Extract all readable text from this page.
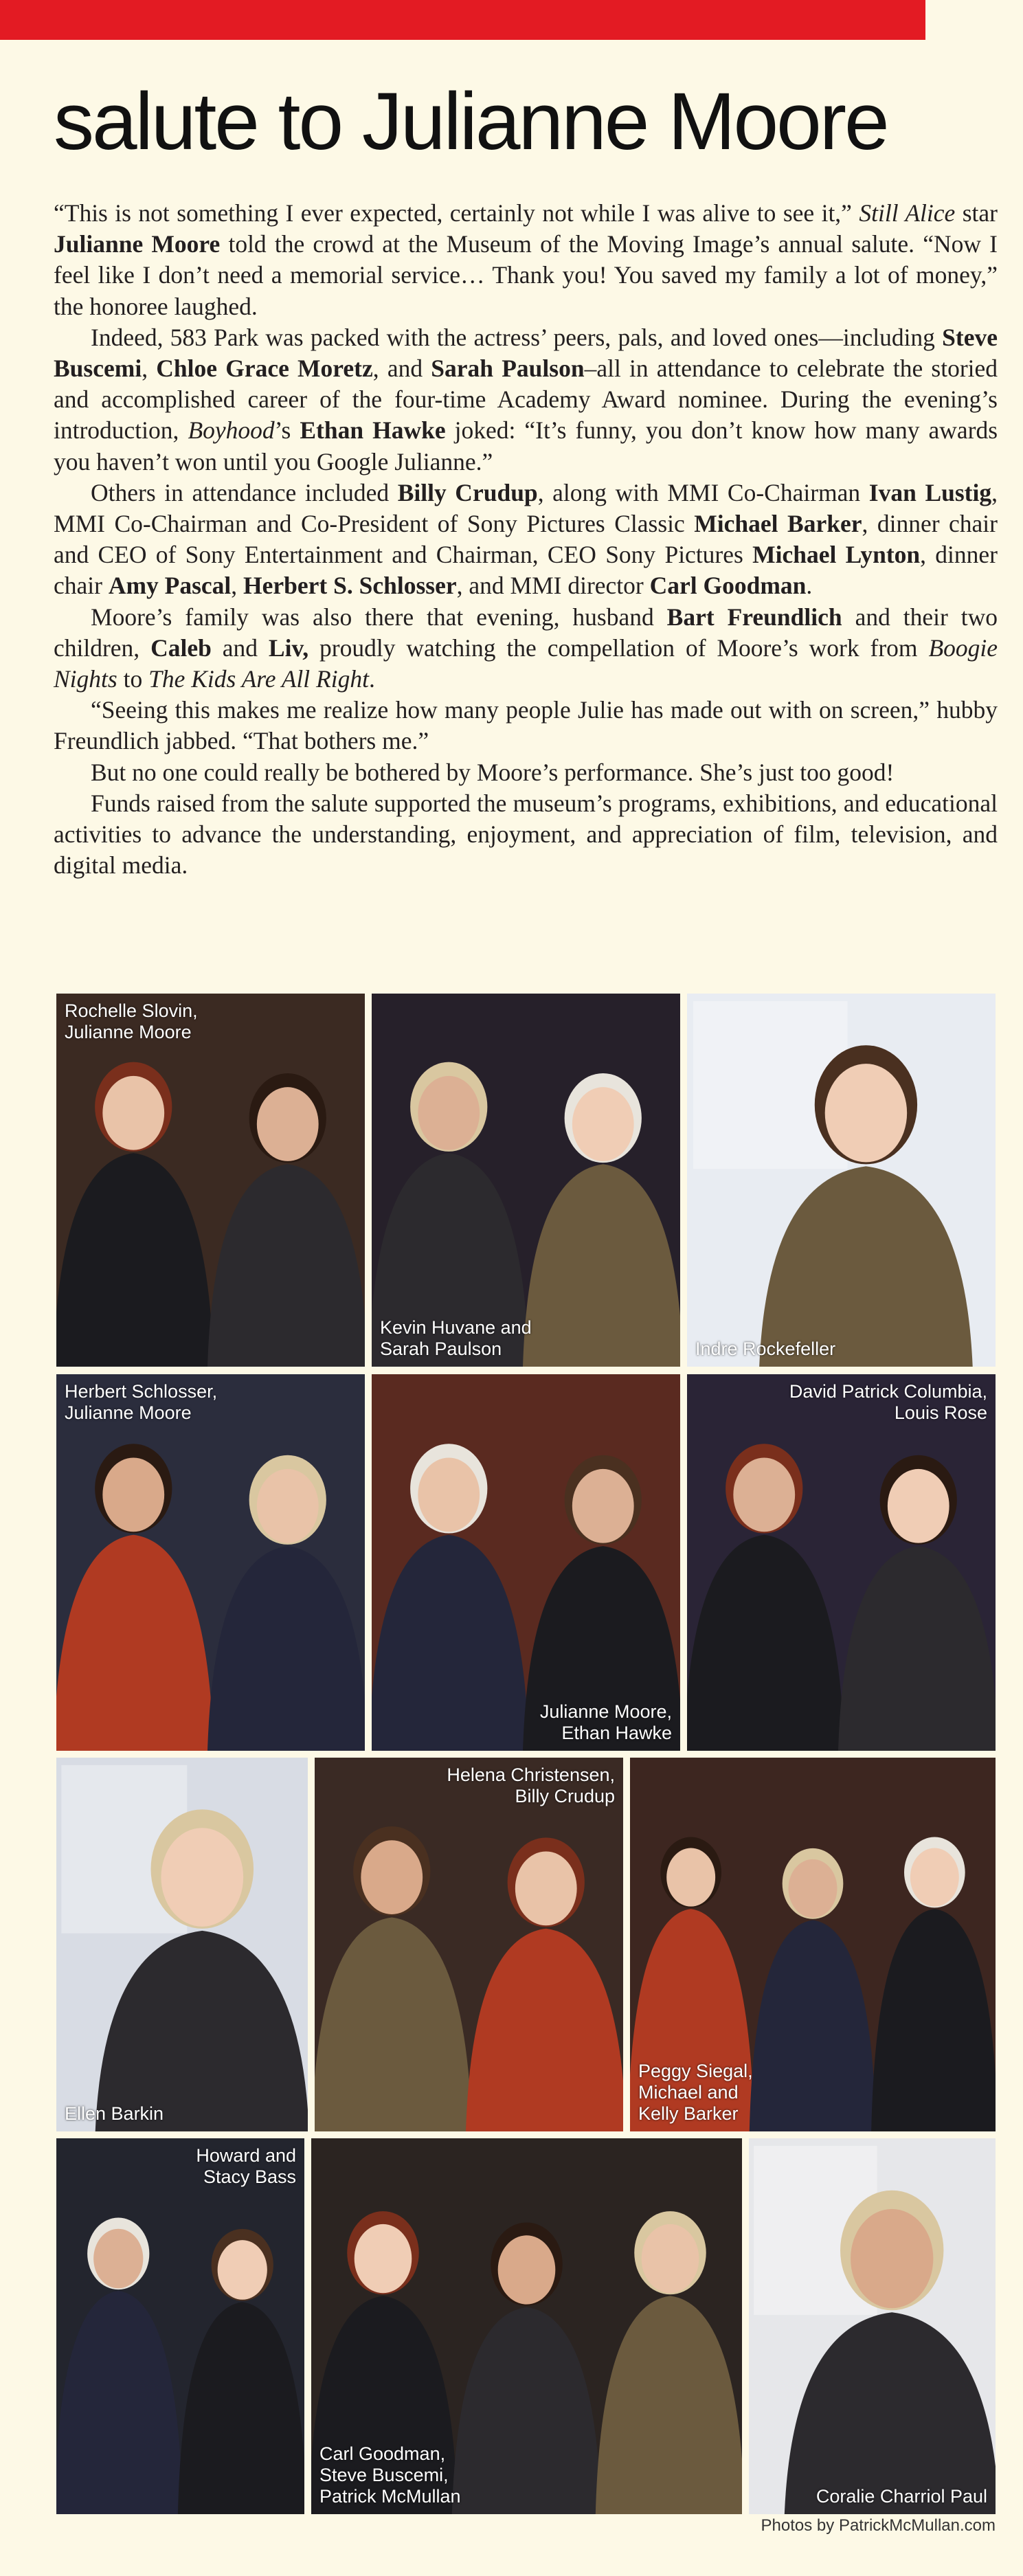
salute to Julianne Moore

“This is not something I ever expected, certainly not while I was alive to see it,” Still Alice star Julianne Moore told the crowd at the Museum of the Moving Image’s annual salute. “Now I feel like I don’t need a memorial service… Thank you! You saved my family a lot of money,” the honoree laughed.

Indeed, 583 Park was packed with the actress’ peers, pals, and loved ones—including Steve Buscemi, Chloe Grace Moretz, and Sarah Paulson–all in attendance to celebrate the storied and accomplished career of the four-time Academy Award nominee. During the evening’s introduction, Boyhood’s Ethan Hawke joked: “It’s funny, you don’t know how many awards you haven’t won until you Google Julianne.”

Others in attendance included Billy Crudup, along with MMI Co-Chairman Ivan Lustig, MMI Co-Chairman and Co-President of Sony Pictures Classic Michael Barker, dinner chair and CEO of Sony Entertainment and Chairman, CEO Sony Pictures Michael Lynton, dinner chair Amy Pascal, Herbert S. Schlosser, and MMI director Carl Goodman.

Moore’s family was also there that evening, husband Bart Freundlich and their two children, Caleb and Liv, proudly watching the compellation of Moore’s work from Boogie Nights to The Kids Are All Right.

“Seeing this makes me realize how many people Julie has made out with on screen,” hubby Freundlich jabbed. “That bothers me.”

But no one could really be bothered by Moore’s performance. She’s just too good!

Funds raised from the salute supported the museum’s programs, exhibitions, and educational activities to advance the understanding, enjoyment, and appreciation of film, television, and digital media.

Rochelle Slovin,
Julianne Moore
Kevin Huvane and
Sarah Paulson	Indre Rockefeller
Herbert Schlosser,
Julianne Moore
Julianne Moore,
Ethan Hawke
David Patrick Columbia,
Louis Rose
Ellen Barkin
Helena Christensen,
Billy Crudup
Peggy Siegal,
Michael and
Kelly Barker
Howard and
Stacy Bass
Carl Goodman,
Steve Buscemi,
Patrick McMullan	Coralie Charriol Paul
Photos by PatrickMcMullan.com
